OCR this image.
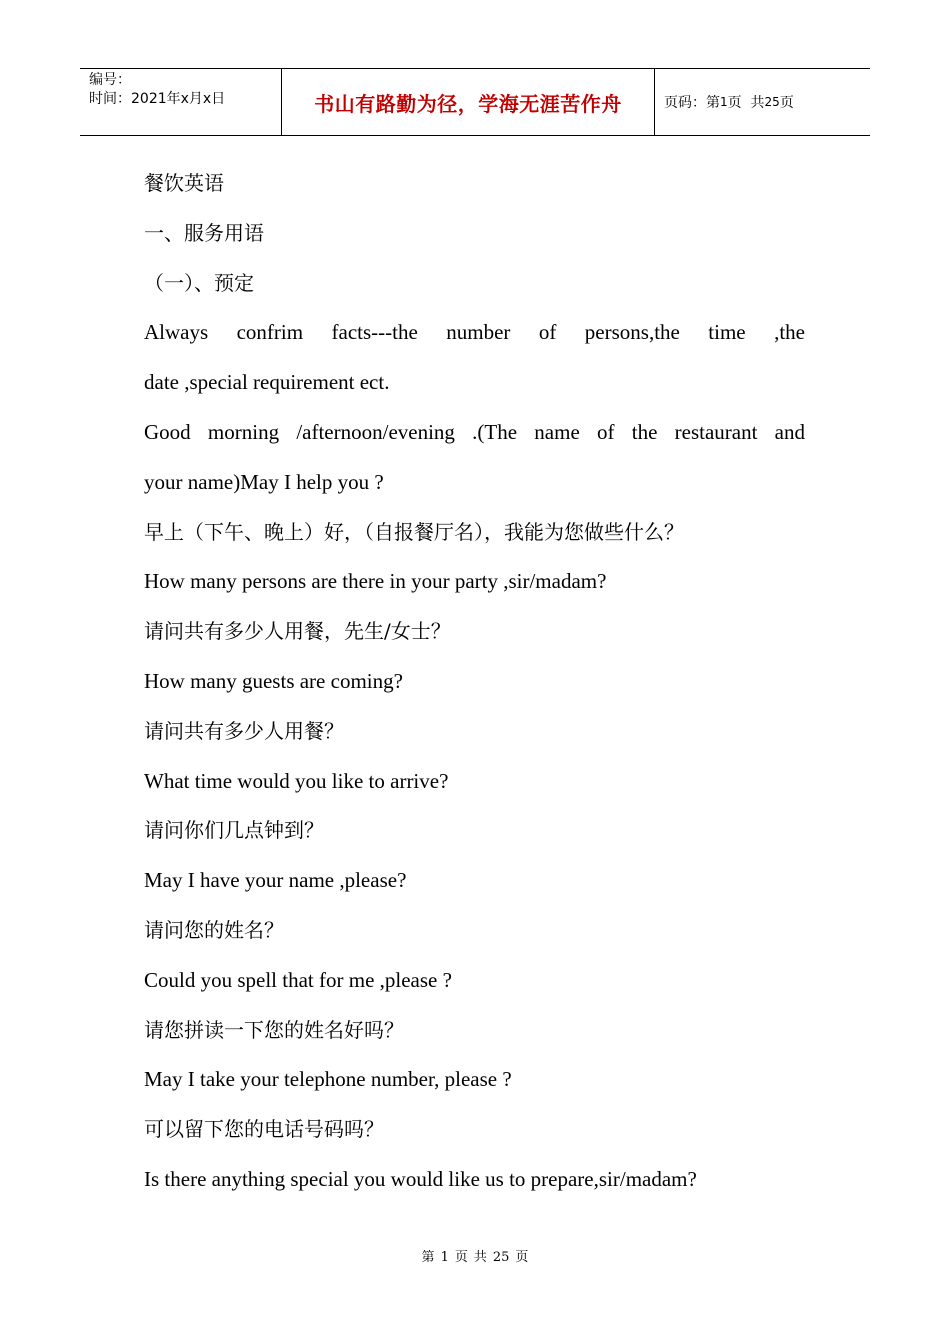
编号：
时间：2021年x月x日	书山有路勤为径，学海无涯苦作舟	页码：第 1 页  共 25 页
餐饮英语
一、服务用语
（一）、预定
Always confrim facts---the number of persons,the time ,the
date ,special requirement ect.
Good morning /afternoon/evening .(The name of the restaurant and
your name)May I help you ?
早上（下午、晚上）好，（自报餐厅名），我能为您做些什么？
How many persons are there in your party ,sir/madam?
请问共有多少人用餐，先生/女士？
How many guests are coming?
请问共有多少人用餐？
What time would you like to arrive?
请问你们几点钟到？
May I have your name ,please?
请问您的姓名？
Could you spell that for me ,please ?
请您拼读一下您的姓名好吗？
May I take your telephone number, please ?
可以留下您的电话号码吗？
Is there anything special you would like us to prepare,sir/madam?
第 1 页 共 25 页
